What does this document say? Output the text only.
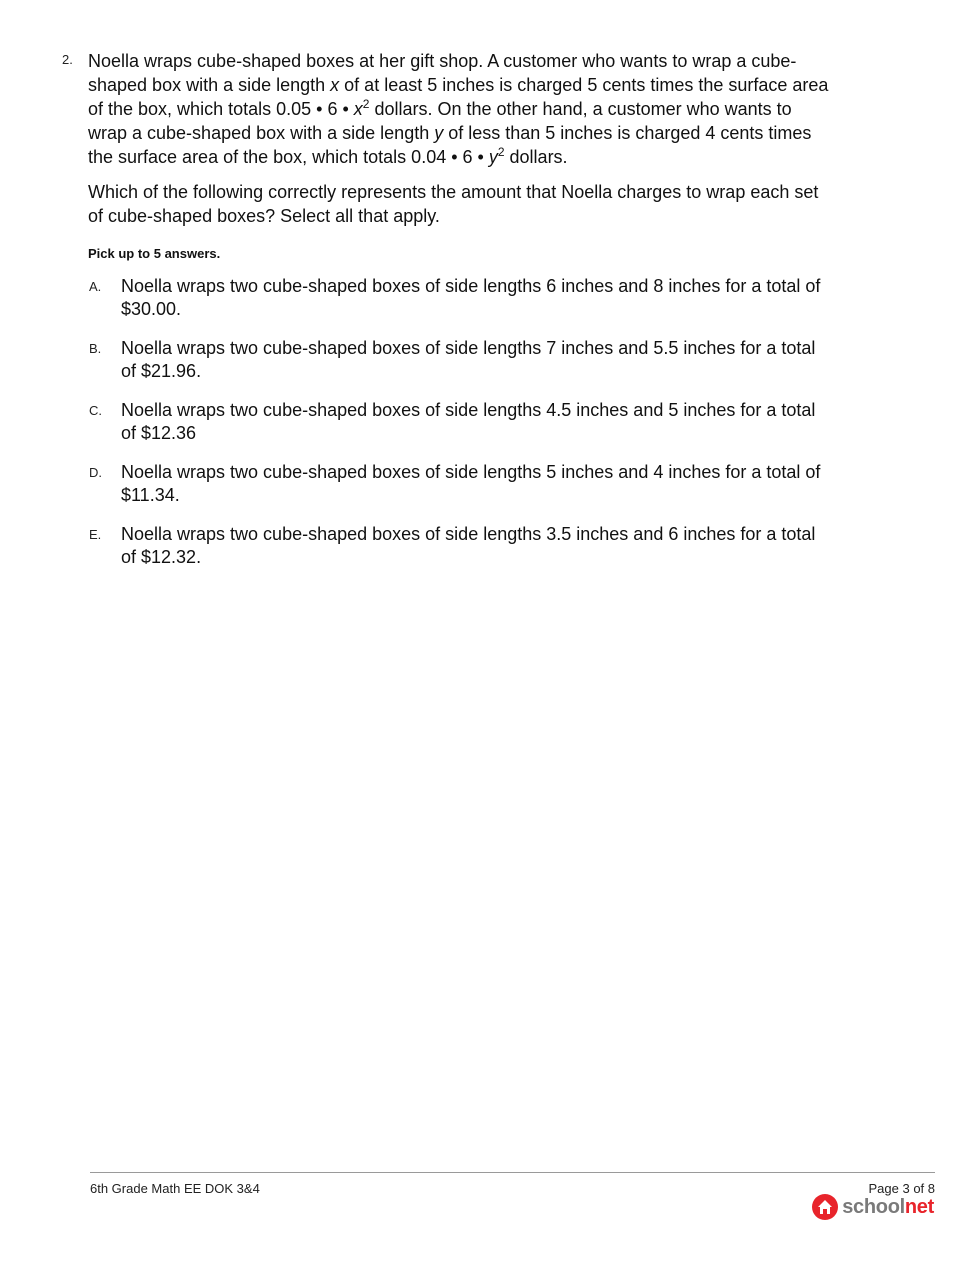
2. Noella wraps cube-shaped boxes at her gift shop. A customer who wants to wrap a cube-shaped box with a side length x of at least 5 inches is charged 5 cents times the surface area of the box, which totals 0.05 • 6 • $x^2$ dollars. On the other hand, a customer who wants to wrap a cube-shaped box with a side length y of less than 5 inches is charged 4 cents times the surface area of the box, which totals 0.04 • 6 • $y^2$ dollars.

Which of the following correctly represents the amount that Noella charges to wrap each set of cube-shaped boxes? Select all that apply.

Pick up to 5 answers.
A. Noella wraps two cube-shaped boxes of side lengths 6 inches and 8 inches for a total of $30.00.
B. Noella wraps two cube-shaped boxes of side lengths 7 inches and 5.5 inches for a total of $21.96.
C. Noella wraps two cube-shaped boxes of side lengths 4.5 inches and 5 inches for a total of $12.36
D. Noella wraps two cube-shaped boxes of side lengths 5 inches and 4 inches for a total of $11.34.
E. Noella wraps two cube-shaped boxes of side lengths 3.5 inches and 6 inches for a total of $12.32.
6th Grade Math EE DOK 3&4	Page 3 of 8
schoolnet
